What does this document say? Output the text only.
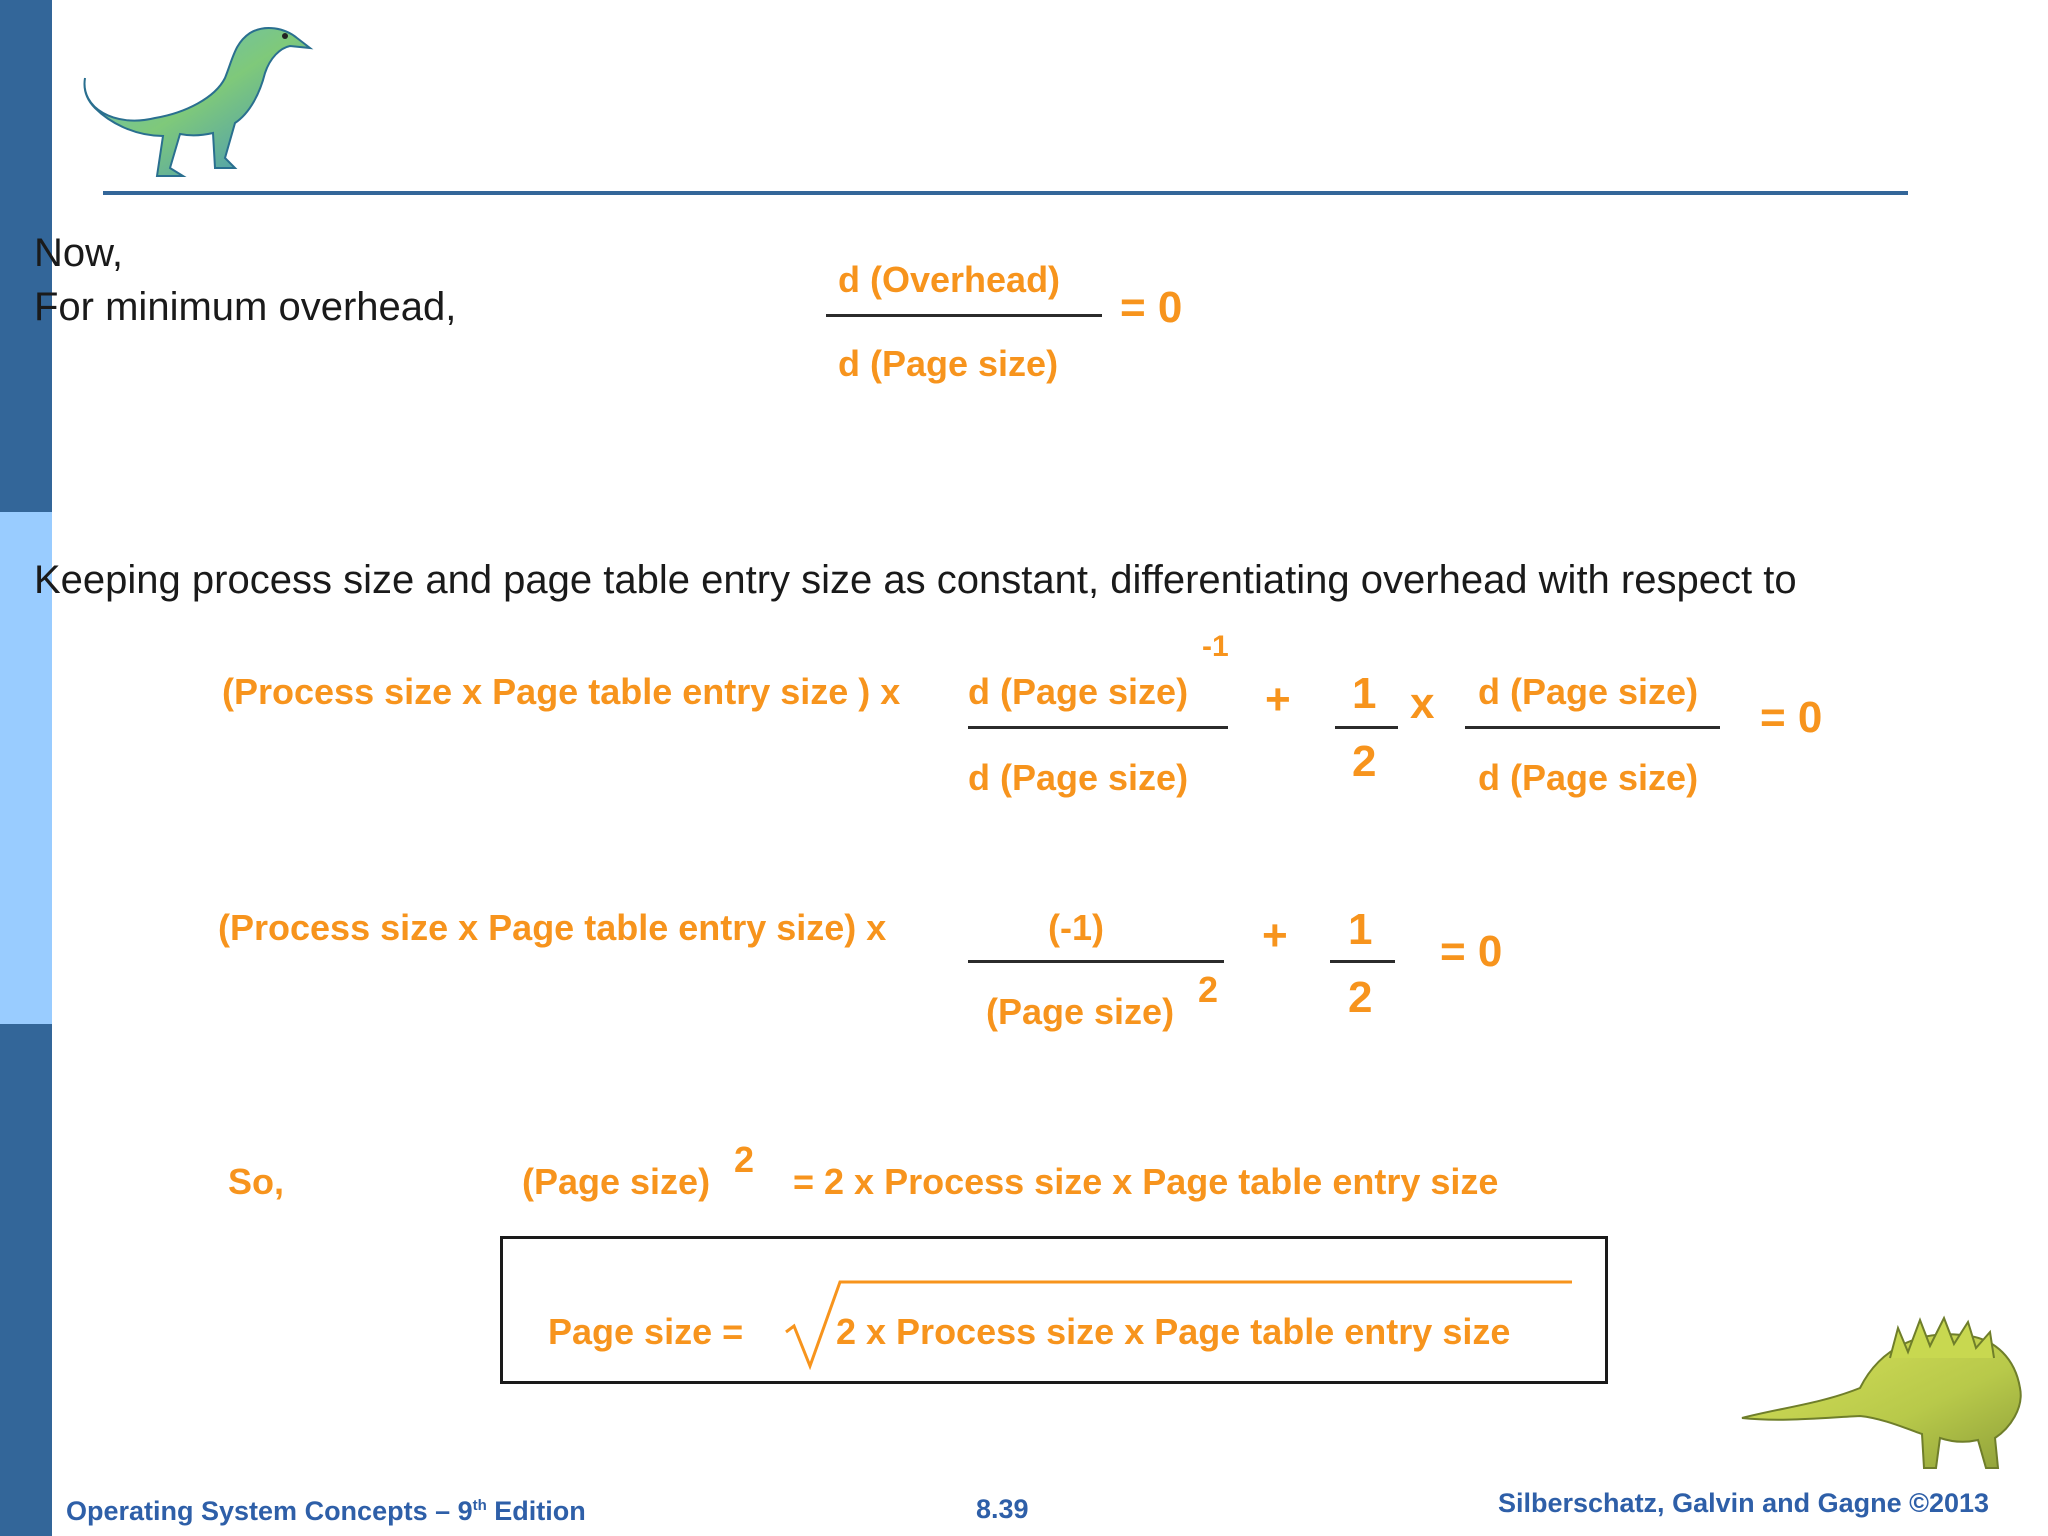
Now,
For minimum overhead,
Keeping process size and page table entry size as constant, differentiating overhead with respect to
d (Overhead)
d (Page size)
= 0
(Process size x Page table entry size ) x
-1
d (Page size)
d (Page size)
+ 1
2
x d (Page size)
d (Page size)
= 0
(Process size x Page table entry size) x	(-1)
(Page size)
2
+ 1
2
= 0
So,	(Page size)
2
= 2 x Process size x Page table entry size
Page size =	2 x Process size x Page table entry size
Operating System Concepts – 9th Edition	8.39	Silberschatz, Galvin and Gagne ©2013
